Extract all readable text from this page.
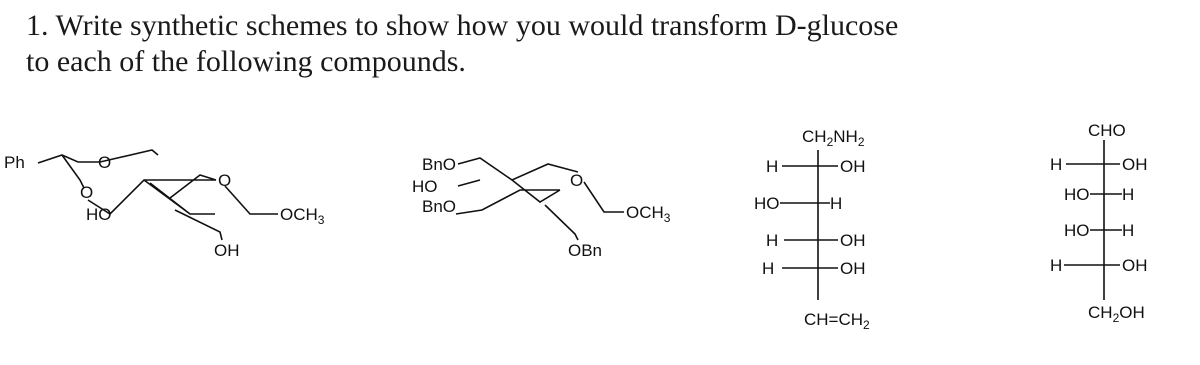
1. Write synthetic schemes to show how you would transform D-glucose
to each of the following compounds.
Ph	O
O
O
HO	$OCH_3$
OH
BnO
HO
BnO
O
$OCH_3$
OBn
$CH_2NH_2$
H	OH
HO	H
H	OH
H	OH
$CH=CH_2$
CHO
H	OH
HO H
HO H
H	OH
$CH_2OH$
